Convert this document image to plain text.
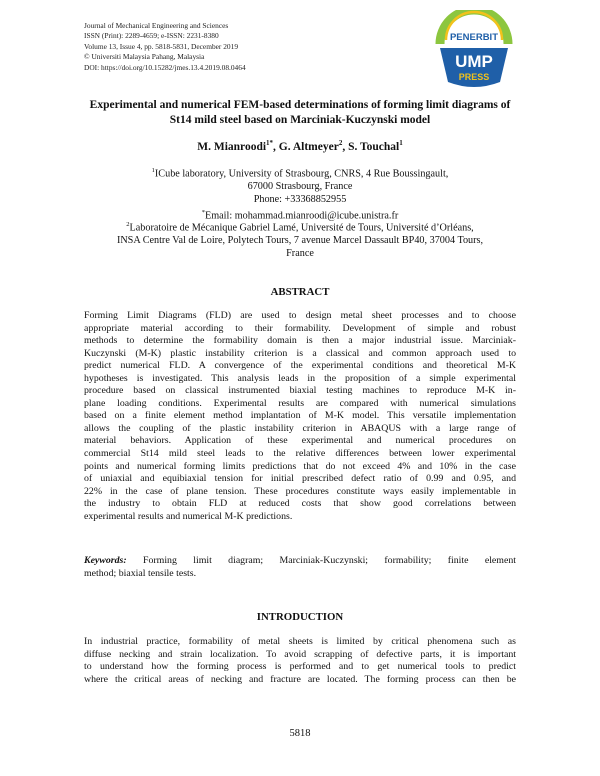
Journal of Mechanical Engineering and Sciences
ISSN (Print): 2289-4659; e-ISSN: 2231-8380
Volume 13, Issue 4, pp. 5818-5831, December 2019
© Universiti Malaysia Pahang, Malaysia
DOI: https://doi.org/10.15282/jmes.13.4.2019.08.0464
PENERBIT
UMP
PRESS
Experimental and numerical FEM-based determinations of forming limit diagrams of
St14 mild steel based on Marciniak-Kuczynski model
M. Mianroodi$^{1*}$, G. Altmeyer$^2$, S. Touchal$^1$
$^1$ICube laboratory, University of Strasbourg, CNRS, 4 Rue Boussingault,
67000 Strasbourg, France
Phone: +33368852955
*Email: mohammad.mianroodi@icube.unistra.fr
$^2$Laboratoire de Mécanique Gabriel Lamé, Université de Tours, Université d’Orléans,
INSA Centre Val de Loire, Polytech Tours, 7 avenue Marcel Dassault BP40, 37004 Tours,
France
ABSTRACT
Forming Limit Diagrams (FLD) are used to design metal sheet processes and to choose
appropriate material according to their formability. Development of simple and robust
methods to determine the formability domain is then a major industrial issue. Marciniak-
Kuczynski (M-K) plastic instability criterion is a classical and common approach used to
predict numerical FLD. A convergence of the experimental conditions and theoretical M-K
hypotheses is investigated. This analysis leads in the proposition of a simple experimental
procedure based on classical instrumented biaxial testing machines to reproduce M-K in-
plane loading conditions. Experimental results are compared with numerical simulations
based on a finite element method implantation of M-K model. This versatile implementation
allows the coupling of the plastic instability criterion in ABAQUS with a large range of
material behaviors. Application of these experimental and numerical procedures on
commercial St14 mild steel leads to the relative differences between lower experimental
points and numerical forming limits predictions that do not exceed 4% and 10% in the case
of uniaxial and equibiaxial tension for initial prescribed defect ratio of 0.99 and 0.95, and
22% in the case of plane tension. These procedures constitute ways easily implementable in
the industry to obtain FLD at reduced costs that show good correlations between
experimental results and numerical M-K predictions.
Keywords: Forming limit diagram; Marciniak-Kuczynski; formability; finite element
method; biaxial tensile tests.
INTRODUCTION
In industrial practice, formability of metal sheets is limited by critical phenomena such as
diffuse necking and strain localization. To avoid scrapping of defective parts, it is important
to understand how the forming process is performed and to get numerical tools to predict
where the critical areas of necking and fracture are located. The forming process can then be
5818
